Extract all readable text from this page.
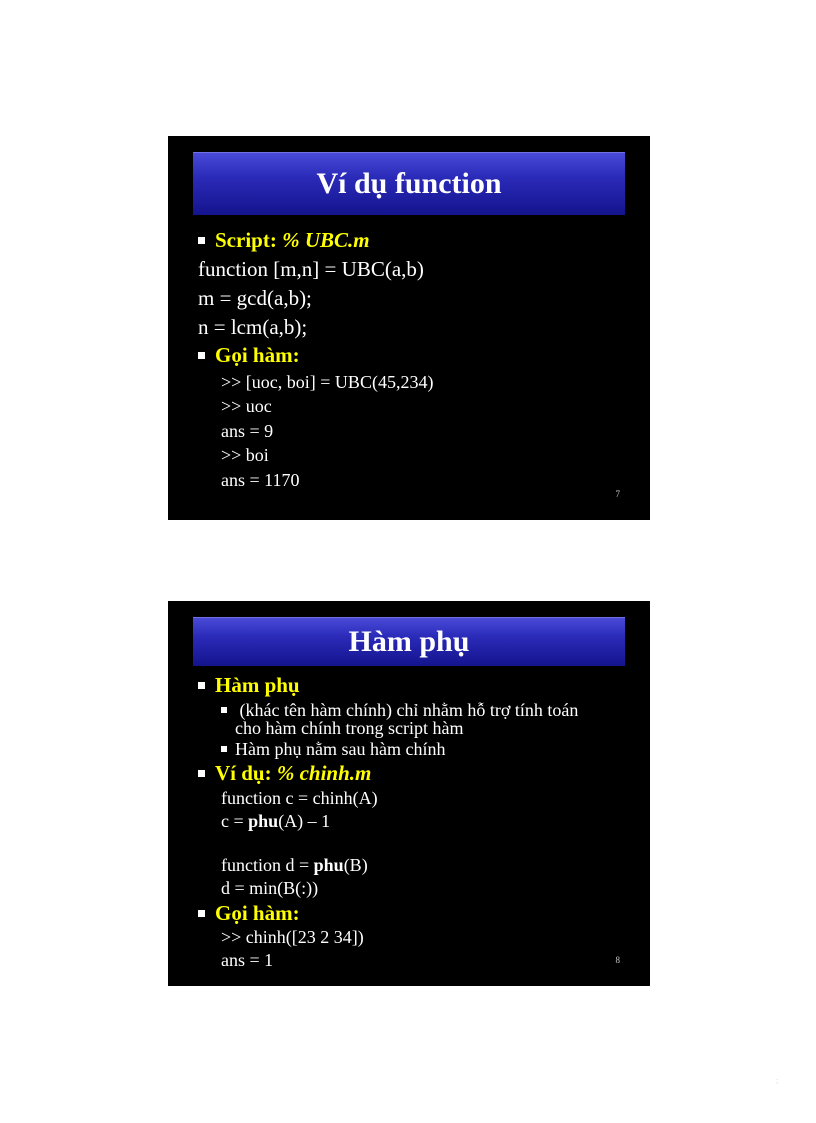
Ví dụ function
Script: % UBC.m
function [m,n] = UBC(a,b)
m = gcd(a,b);
n = lcm(a,b);
Gọi hàm:
>> [uoc, boi] = UBC(45,234)
>> uoc
ans = 9
>> boi
ans = 1170
7
Hàm phụ
Hàm phụ
(khác tên hàm chính) chỉ nhằm hỗ trợ tính toán
cho hàm chính trong script hàm
Hàm phụ nằm sau hàm chính
Ví dụ: % chinh.m
function c = chinh(A)
c = phu(A) – 1
function d = phu(B)
d = min(B(:))
Gọi hàm:
>> chinh([23 2 34])
ans = 1	8
;
